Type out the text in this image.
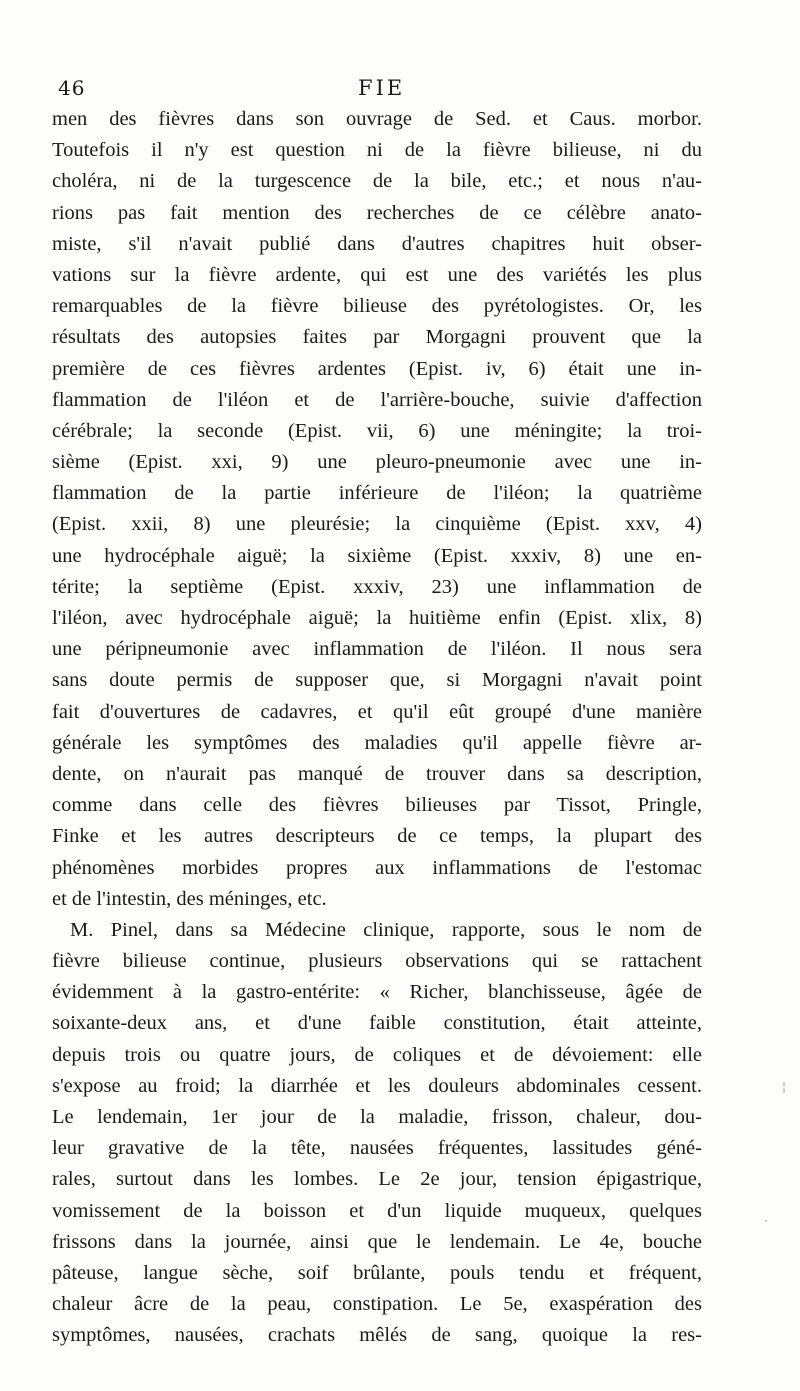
46	FIE
men des fièvres dans son ouvrage de Sed. et Caus. morbor.
Toutefois il n'y est question ni de la fièvre bilieuse, ni du
choléra, ni de la turgescence de la bile, etc.; et nous n'au-
rions pas fait mention des recherches de ce célèbre anato-
miste, s'il n'avait publié dans d'autres chapitres huit obser-
vations sur la fièvre ardente, qui est une des variétés les plus
remarquables de la fièvre bilieuse des pyrétologistes. Or, les
résultats des autopsies faites par Morgagni prouvent que la
première de ces fièvres ardentes (Epist. iv, 6) était une in-
flammation de l'iléon et de l'arrière-bouche, suivie d'affection
cérébrale; la seconde (Epist. vii, 6) une méningite; la troi-
sième (Epist. xxi, 9) une pleuro-pneumonie avec une in-
flammation de la partie inférieure de l'iléon; la quatrième
(Epist. xxii, 8) une pleurésie; la cinquième (Epist. xxv, 4)
une hydrocéphale aiguë; la sixième (Epist. xxxiv, 8) une en-
térite; la septième (Epist. xxxiv, 23) une inflammation de
l'iléon, avec hydrocéphale aiguë; la huitième enfin (Epist. xlix, 8)
une péripneumonie avec inflammation de l'iléon. Il nous sera
sans doute permis de supposer que, si Morgagni n'avait point
fait d'ouvertures de cadavres, et qu'il eût groupé d'une manière
générale les symptômes des maladies qu'il appelle fièvre ar-
dente, on n'aurait pas manqué de trouver dans sa description,
comme dans celle des fièvres bilieuses par Tissot, Pringle,
Finke et les autres descripteurs de ce temps, la plupart des
phénomènes morbides propres aux inflammations de l'estomac
et de l'intestin, des méninges, etc.
M. Pinel, dans sa Médecine clinique, rapporte, sous le nom de
fièvre bilieuse continue, plusieurs observations qui se rattachent
évidemment à la gastro-entérite: « Richer, blanchisseuse, âgée de
soixante-deux ans, et d'une faible constitution, était atteinte,
depuis trois ou quatre jours, de coliques et de dévoiement: elle
s'expose au froid; la diarrhée et les douleurs abdominales cessent.
Le lendemain, 1er jour de la maladie, frisson, chaleur, dou-
leur gravative de la tête, nausées fréquentes, lassitudes géné-
rales, surtout dans les lombes. Le 2e jour, tension épigastrique,
vomissement de la boisson et d'un liquide muqueux, quelques
frissons dans la journée, ainsi que le lendemain. Le 4e, bouche
pâteuse, langue sèche, soif brûlante, pouls tendu et fréquent,
chaleur âcre de la peau, constipation. Le 5e, exaspération des
symptômes, nausées, crachats mêlés de sang, quoique la res-
¦
·
